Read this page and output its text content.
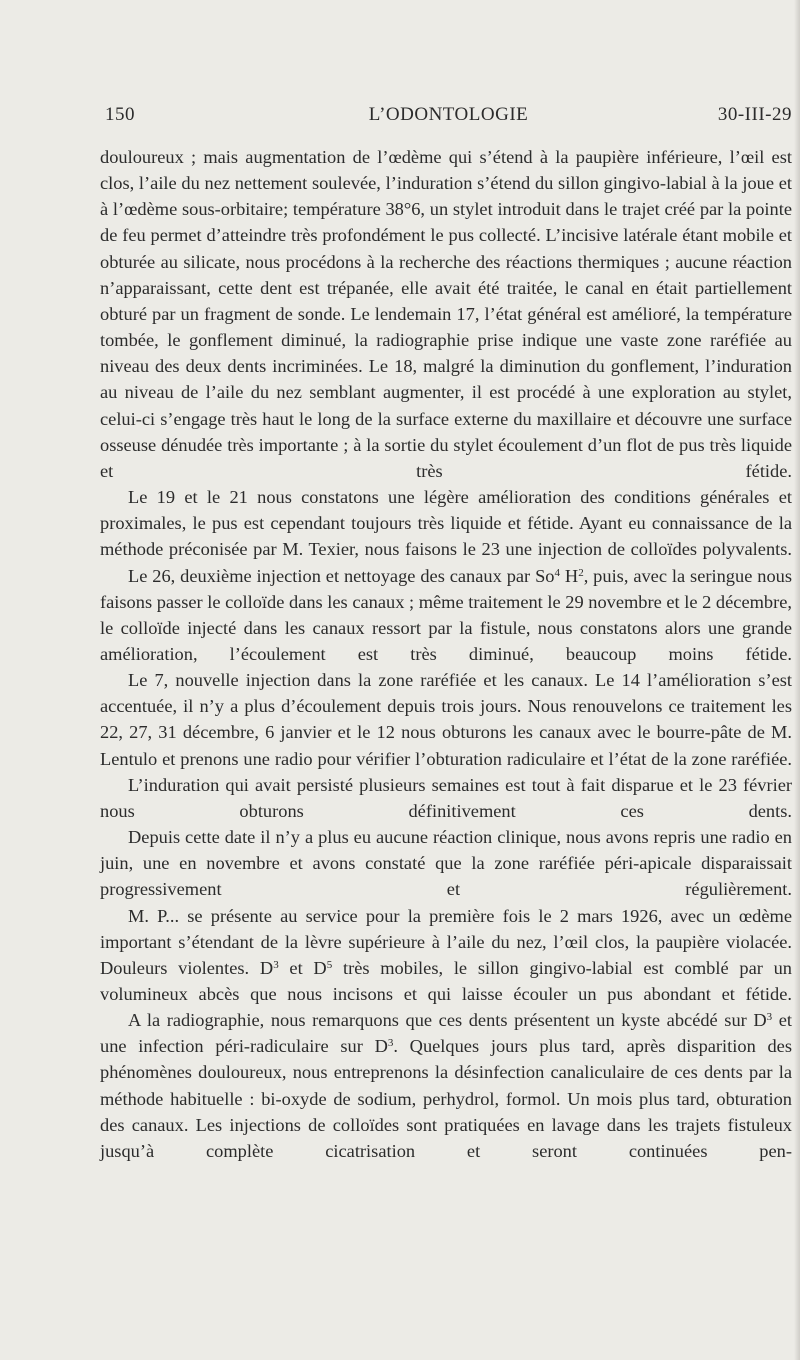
150	L’ODONTOLOGIE	30-III-29

douloureux ; mais augmentation de l’œdème qui s’étend à la paupière inférieure, l’œil est clos, l’aile du nez nettement soulevée, l’induration s’étend du sillon gingivo-labial à la joue et à l’œdème sous-orbitaire; température 38°6, un stylet introduit dans le trajet créé par la pointe de feu permet d’atteindre très profondément le pus collecté. L’incisive latérale étant mobile et obturée au silicate, nous procédons à la recherche des réactions thermiques ; aucune réaction n’apparaissant, cette dent est trépanée, elle avait été traitée, le canal en était partiellement obturé par un fragment de sonde. Le lendemain 17, l’état général est amélioré, la température tombée, le gonflement diminué, la radiographie prise indique une vaste zone raréfiée au niveau des deux dents incriminées. Le 18, malgré la diminution du gonflement, l’induration au niveau de l’aile du nez semblant augmenter, il est procédé à une exploration au stylet, celui-ci s’engage très haut le long de la surface externe du maxillaire et découvre une surface osseuse dénudée très importante ; à la sortie du stylet écoulement d’un flot de pus très liquide et très fétide.

Le 19 et le 21 nous constatons une légère amélioration des conditions générales et proximales, le pus est cependant toujours très liquide et fétide. Ayant eu connaissance de la méthode préconisée par M. Texier, nous faisons le 23 une injection de colloïdes polyvalents.

Le 26, deuxième injection et nettoyage des canaux par So$^4$ $H^2$, puis, avec la seringue nous faisons passer le colloïde dans les canaux ; même traitement le 29 novembre et le 2 décembre, le colloïde injecté dans les canaux ressort par la fistule, nous constatons alors une grande amélioration, l’écoulement est très diminué, beaucoup moins fétide.

Le 7, nouvelle injection dans la zone raréfiée et les canaux. Le 14 l’amélioration s’est accentuée, il n’y a plus d’écoulement depuis trois jours. Nous renouvelons ce traitement les 22, 27, 31 décembre, 6 janvier et le 12 nous obturons les canaux avec le bourre-pâte de M. Lentulo et prenons une radio pour vérifier l’obturation radiculaire et l’état de la zone raréfiée.

L’induration qui avait persisté plusieurs semaines est tout à fait disparue et le 23 février nous obturons définitivement ces dents.

Depuis cette date il n’y a plus eu aucune réaction clinique, nous avons repris une radio en juin, une en novembre et avons constaté que la zone raréfiée péri-apicale disparaissait progressivement et régulièrement.

M. P... se présente au service pour la première fois le 2 mars 1926, avec un œdème important s’étendant de la lèvre supérieure à l’aile du nez, l’œil clos, la paupière violacée. Douleurs violentes. $D^3$ et $D^5$ très mobiles, le sillon gingivo-labial est comblé par un volumineux abcès que nous incisons et qui laisse écouler un pus abondant et fétide.

A la radiographie, nous remarquons que ces dents présentent un kyste abcédé sur $D^3$ et une infection péri-radiculaire sur $D^3$. Quelques jours plus tard, après disparition des phénomènes douloureux, nous entreprenons la désinfection canaliculaire de ces dents par la méthode habituelle : bi-oxyde de sodium, perhydrol, formol. Un mois plus tard, obturation des canaux. Les injections de colloïdes sont pratiquées en lavage dans les trajets fistuleux jusqu’à complète cicatrisation et seront continuées pen-
